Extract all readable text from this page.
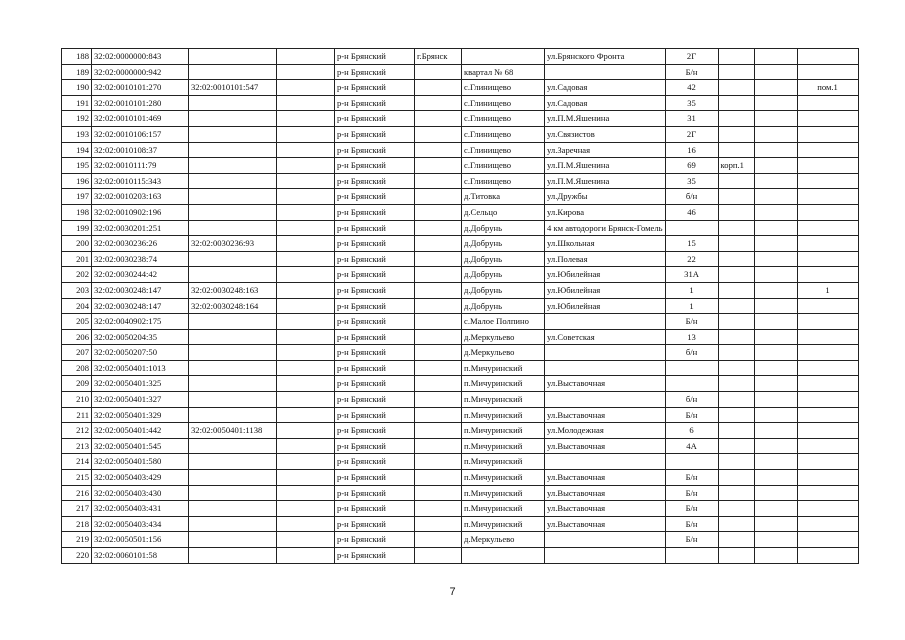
188	32:02:0000000:843			р-н Брянский	г.Брянск		ул.Брянского Фронта	2Г			
189	32:02:0000000:942			р-н Брянский		квартал № 68		Б/н			
190	32:02:0010101:270	32:02:0010101:547		р-н Брянский		с.Глинищево	ул.Садовая	42			пом.1
191	32:02:0010101:280			р-н Брянский		с.Глинищево	ул.Садовая	35			
192	32:02:0010101:469			р-н Брянский		с.Глинищево	ул.П.М.Яшенина	31			
193	32:02:0010106:157			р-н Брянский		с.Глинищево	ул.Связистов	2Г			
194	32:02:0010108:37			р-н Брянский		с.Глинищево	ул.Заречная	16			
195	32:02:0010111:79			р-н Брянский		с.Глинищево	ул.П.М.Яшенина	69	корп.1		
196	32:02:0010115:343			р-н Брянский		с.Глинищево	ул.П.М.Яшенина	35			
197	32:02:0010203:163			р-н Брянский		д.Титовка	ул.Дружбы	б/н			
198	32:02:0010902:196			р-н Брянский		д.Сельцо	ул.Кирова	46			
199	32:02:0030201:251			р-н Брянский		д.Добрунь	4 км автодороги Брянск-Гомель				
200	32:02:0030236:26	32:02:0030236:93		р-н Брянский		д.Добрунь	ул.Школьная	15			
201	32:02:0030238:74			р-н Брянский		д.Добрунь	ул.Полевая	22			
202	32:02:0030244:42			р-н Брянский		д.Добрунь	ул.Юбилейная	31А			
203	32:02:0030248:147	32:02:0030248:163		р-н Брянский		д.Добрунь	ул.Юбилейная	1			1
204	32:02:0030248:147	32:02:0030248:164		р-н Брянский		д.Добрунь	ул.Юбилейная	1			
205	32:02:0040902:175			р-н Брянский		с.Малое Полпино		Б/н			
206	32:02:0050204:35			р-н Брянский		д.Меркульево	ул.Советская	13			
207	32:02:0050207:50			р-н Брянский		д.Меркульево		б/н			
208	32:02:0050401:1013			р-н Брянский		п.Мичуринский					
209	32:02:0050401:325			р-н Брянский		п.Мичуринский	ул.Выставочная				
210	32:02:0050401:327			р-н Брянский		п.Мичуринский		б/н			
211	32:02:0050401:329			р-н Брянский		п.Мичуринский	ул.Выставочная	Б/н			
212	32:02:0050401:442	32:02:0050401:1138		р-н Брянский		п.Мичуринский	ул.Молодежная	6			
213	32:02:0050401:545			р-н Брянский		п.Мичуринский	ул.Выставочная	4А			
214	32:02:0050401:580			р-н Брянский		п.Мичуринский					
215	32:02:0050403:429			р-н Брянский		п.Мичуринский	ул.Выставочная	Б/н			
216	32:02:0050403:430			р-н Брянский		п.Мичуринский	ул.Выставочная	Б/н			
217	32:02:0050403:431			р-н Брянский		п.Мичуринский	ул.Выставочная	Б/н			
218	32:02:0050403:434			р-н Брянский		п.Мичуринский	ул.Выставочная	Б/н			
219	32:02:0050501:156			р-н Брянский		д.Меркульево		Б/н			
220	32:02:0060101:58			р-н Брянский							
7
